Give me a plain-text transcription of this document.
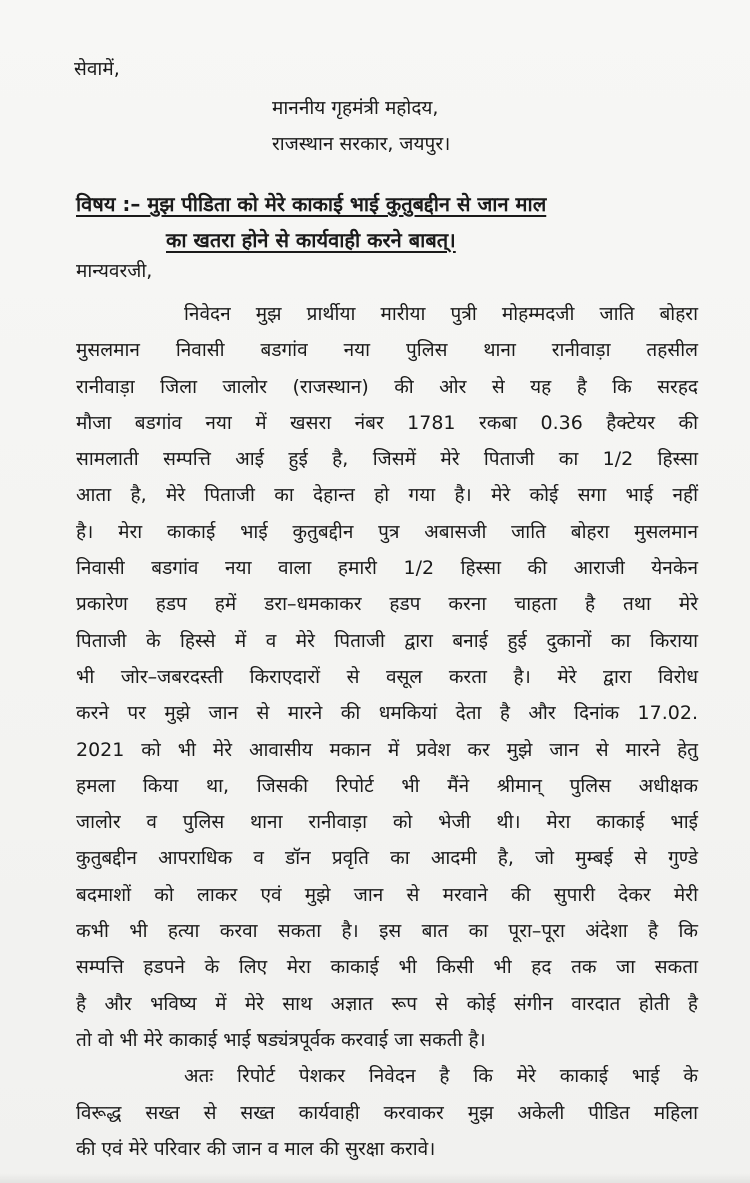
सेवामें,
माननीय गृहमंत्री महोदय,
राजस्थान सरकार, जयपुर।
विषय :– मुझ पीडिता को मेरे काकाई भाई कुतुबद्दीन से जान माल
का खतरा होने से कार्यवाही करने बाबत्।
मान्यवरजी,
निवेदन मुझ प्रार्थीया मारीया पुत्री मोहम्मदजी जाति बोहरा
मुसलमान निवासी बडगांव नया पुलिस थाना रानीवाड़ा तहसील
रानीवाड़ा जिला जालोर (राजस्थान) की ओर से यह है कि सरहद
मौजा बडगांव नया में खसरा नंबर 1781 रकबा 0.36 हैक्टेयर की
सामलाती सम्पत्ति आई हुई है, जिसमें मेरे पिताजी का 1/2 हिस्सा
आता है, मेरे पिताजी का देहान्त हो गया है। मेरे कोई सगा भाई नहीं
है। मेरा काकाई भाई कुतुबद्दीन पुत्र अबासजी जाति बोहरा मुसलमान
निवासी बडगांव नया वाला हमारी 1/2 हिस्सा की आराजी येनकेन
प्रकारेण हडप हमें डरा–धमकाकर हडप करना चाहता है तथा मेरे
पिताजी के हिस्से में व मेरे पिताजी द्वारा बनाई हुई दुकानों का किराया
भी जोर–जबरदस्ती किराएदारों से वसूल करता है। मेरे द्वारा विरोध
करने पर मुझे जान से मारने की धमकियां देता है और दिनांक 17.02.
2021 को भी मेरे आवासीय मकान में प्रवेश कर मुझे जान से मारने हेतु
हमला किया था, जिसकी रिपोर्ट भी मैंने श्रीमान् पुलिस अधीक्षक
जालोर व पुलिस थाना रानीवाड़ा को भेजी थी। मेरा काकाई भाई
कुतुबद्दीन आपराधिक व डॉन प्रवृति का आदमी है, जो मुम्बई से गुण्डे
बदमाशों को लाकर एवं मुझे जान से मरवाने की सुपारी देकर मेरी
कभी भी हत्या करवा सकता है। इस बात का पूरा–पूरा अंदेशा है कि
सम्पत्ति हडपने के लिए मेरा काकाई भी किसी भी हद तक जा सकता
है और भविष्य में मेरे साथ अज्ञात रूप से कोई संगीन वारदात होती है
तो वो भी मेरे काकाई भाई षड्यंत्रपूर्वक करवाई जा सकती है।
अतः रिपोर्ट पेशकर निवेदन है कि मेरे काकाई भाई के
विरूद्ध सख्त से सख्त कार्यवाही करवाकर मुझ अकेली पीडित महिला
की एवं मेरे परिवार की जान व माल की सुरक्षा करावे।
